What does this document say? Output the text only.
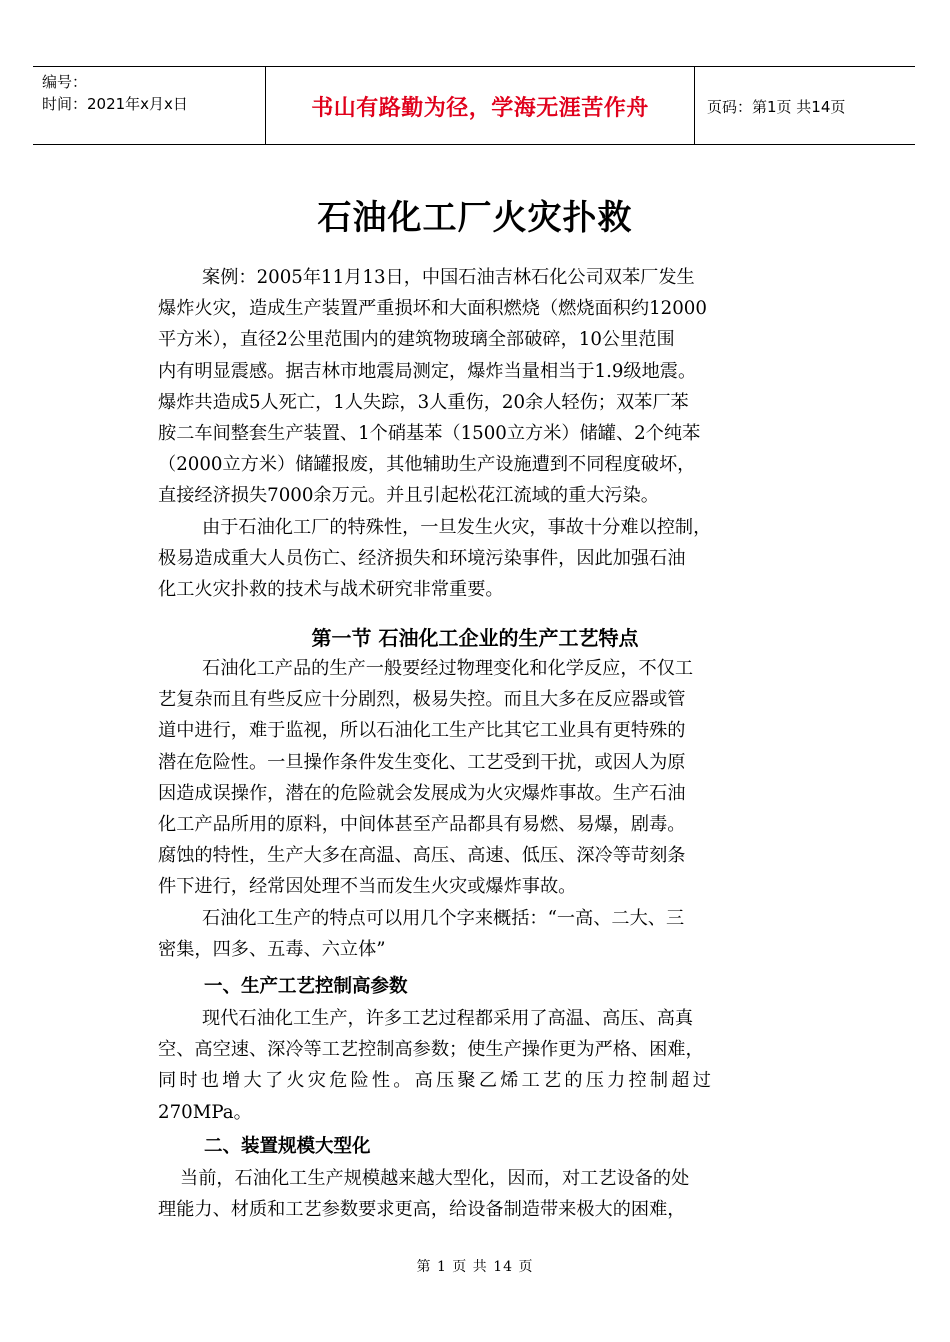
编号：
时间：2021年x月x日	书山有路勤为径，学海无涯苦作舟	页码：第1页 共14页
石油化工厂火灾扑救
案例：2005年11月13日，中国石油吉林石化公司双苯厂发生
爆炸火灾，造成生产装置严重损坏和大面积燃烧（燃烧面积约12000
平方米），直径2公里范围内的建筑物玻璃全部破碎，10公里范围
内有明显震感。据吉林市地震局测定，爆炸当量相当于1.9级地震。
爆炸共造成5人死亡，1人失踪，3人重伤，20余人轻伤；双苯厂苯
胺二车间整套生产装置、1个硝基苯（1500立方米）储罐、2个纯苯
（2000立方米）储罐报废，其他辅助生产设施遭到不同程度破坏，
直接经济损失7000余万元。并且引起松花江流域的重大污染。
由于石油化工厂的特殊性，一旦发生火灾，事故十分难以控制，
极易造成重大人员伤亡、经济损失和环境污染事件，因此加强石油
化工火灾扑救的技术与战术研究非常重要。
第一节 石油化工企业的生产工艺特点
石油化工产品的生产一般要经过物理变化和化学反应，不仅工
艺复杂而且有些反应十分剧烈，极易失控。而且大多在反应器或管
道中进行，难于监视，所以石油化工生产比其它工业具有更特殊的
潜在危险性。一旦操作条件发生变化、工艺受到干扰，或因人为原
因造成误操作，潜在的危险就会发展成为火灾爆炸事故。生产石油
化工产品所用的原料，中间体甚至产品都具有易燃、易爆，剧毒。
腐蚀的特性，生产大多在高温、高压、高速、低压、深冷等苛刻条
件下进行，经常因处理不当而发生火灾或爆炸事故。
石油化工生产的特点可以用几个字来概括：“一高、二大、三
密集，四多、五毒、六立体”
一、生产工艺控制高参数
现代石油化工生产，许多工艺过程都采用了高温、高压、高真
空、高空速、深冷等工艺控制高参数；使生产操作更为严格、困难，
同时也增大了火灾危险性。高压聚乙烯工艺的压力控制超过
270MPa。
二、装置规模大型化
当前，石油化工生产规模越来越大型化，因而，对工艺设备的处
理能力、材质和工艺参数要求更高，给设备制造带来极大的困难，
第 1 页 共 14 页
